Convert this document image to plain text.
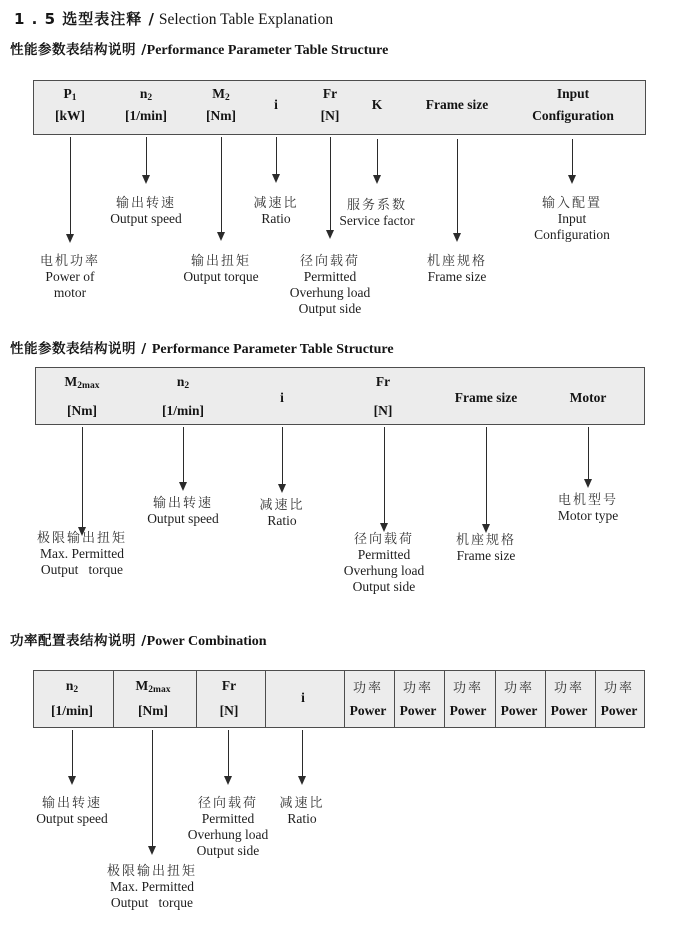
1 . 5 选型表注释 / Selection Table Explanation
性能参数表结构说明 /Performance Parameter Table Structure
$P_1$
[kW]
$n_2$
[1/min]
$M_2$
[Nm]
i
Fr
[N]
K	Frame size
Input
Configuration
输出转速
Output speed
减速比
Ratio
服务系数
Service factor
输入配置
Input
Configuration
电机功率
Power of
motor
输出扭矩
Output torque
径向载荷
Permitted
Overhung load
Output side
机座规格
Frame size
性能参数表结构说明 / Performance Parameter Table Structure
$M_{2max}$
[Nm]
$n_2$
[1/min]
i
Fr
[N]
Frame size	Motor
输出转速
Output speed
减速比
Ratio
电机型号
Motor type
极限输出扭矩
Max. Permitted
Output   torque
径向载荷
Permitted
Overhung load
Output side
机座规格
Frame size
功率配置表结构说明 /Power Combination
$n_2$
[1/min]
$M_{2max}$
[Nm]
Fr
[N]
i
功率
Power
功率
Power
功率
Power
功率
Power
功率
Power
功率
Power
输出转速
Output speed
径向载荷
Permitted
Overhung load
Output side
减速比
Ratio
极限输出扭矩
Max. Permitted
Output   torque
